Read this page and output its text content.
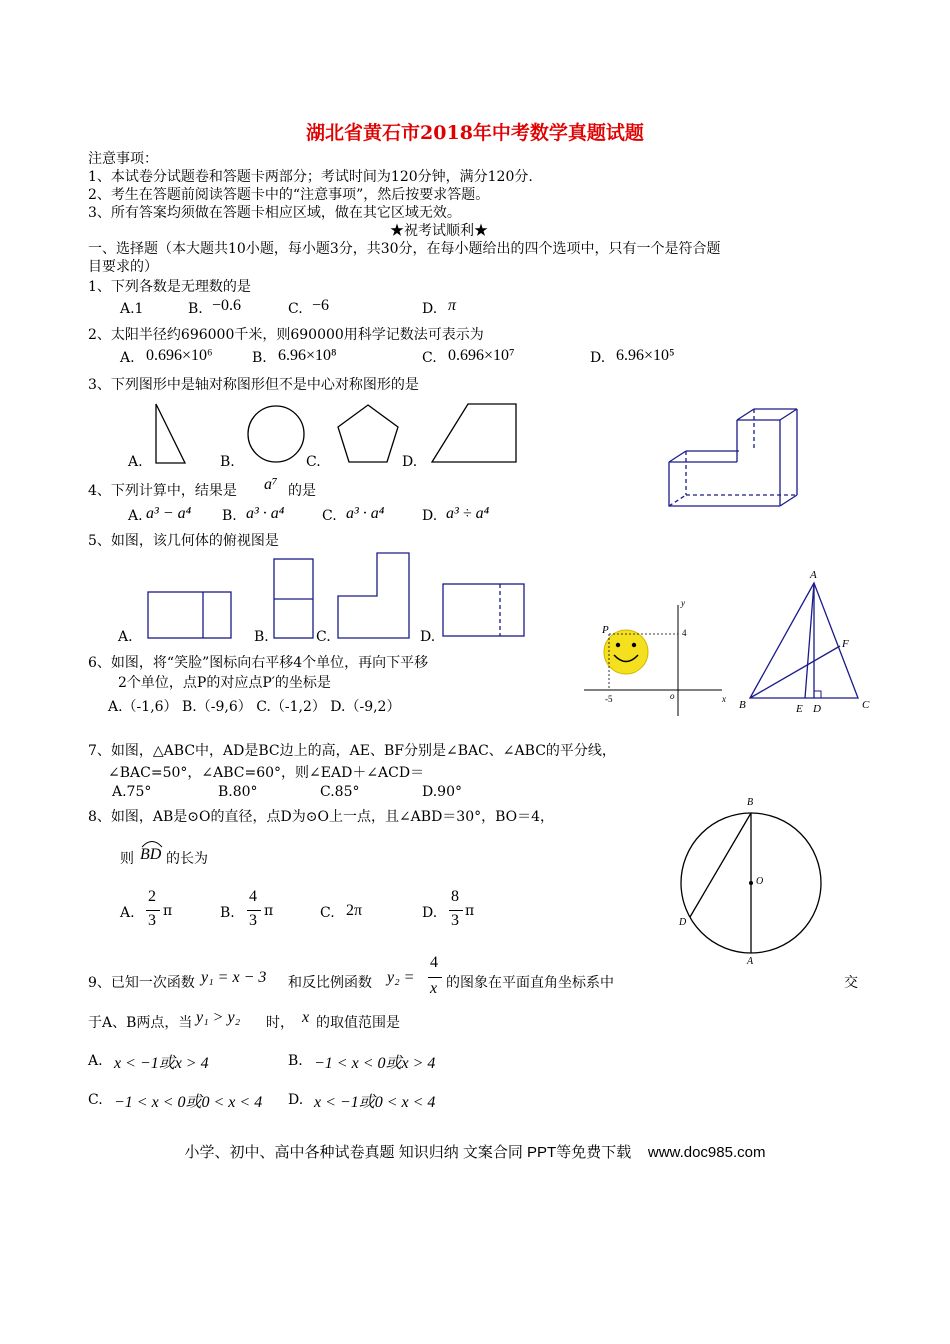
湖北省黄石市2018年中考数学真题试题
注意事项：
1、本试卷分试题卷和答题卡两部分；考试时间为120分钟，满分120分.
2、考生在答题前阅读答题卡中的“注意事项”，然后按要求答题。
3、所有答案均须做在答题卡相应区域，做在其它区域无效。
★祝考试顺利★
一、选择题（本大题共10小题，每小题3分，共30分，在每小题给出的四个选项中，只有一个是符合题
目要求的）
1、下列各数是无理数的是
A.1	B. −0.6	C. −6	D. π
2、太阳半径约696000千米，则690000用科学记数法可表示为
A. 0.696×10⁶	B. 6.96×10⁸	C. 0.696×10⁷	D. 6.96×10⁵
3、下列图形中是轴对称图形但不是中心对称图形的是
A.	B.	C.	D.
4、下列计算中，结果是 a⁷ 的是
A. a³ − a⁴ B. a³ · a⁴	C. a³ · a⁴	D. a³ ÷ a⁴
5、如图，该几何体的俯视图是
A.	B.	C.	D.	P
y
x
4
-5	o
A
B	C
D
E
F
6、如图，将“笑脸”图标向右平移4个单位，再向下平移
2个单位，点P的对应点P′的坐标是
A.（-1,6） B.（-9,6） C.（-1,2） D.（-9,2）
7、如图，△ABC中，AD是BC边上的高，AE、BF分别是∠BAC、∠ABC的平分线，
∠BAC=50°，∠ABC=60°，则∠EAD＋∠ACD＝
A.75°	B.80°	C.85°	D.90°
8、如图，AB是⊙O的直径，点D为⊙O上一点，且∠ABD＝30°，BO＝4，
则 BD 的长为
A.
2
3
π	B.
4
3
π	C. 2π	D.
8
3
π
B
O
D
A
9、已知一次函数 y₁ = x − 3 和反比例函数 y₂ =
4
x 的图象在平面直角坐标系中	交
于A、B两点，当 y₁ > y₂ 时， x 的取值范围是
A. x < −1或x > 4	B. −1 < x < 0或x > 4
C. −1 < x < 0或0 < x < 4 D. x < −1或0 < x < 4
小学、初中、高中各种试卷真题 知识归纳 文案合同 PPT等免费下载    www.doc985.com
